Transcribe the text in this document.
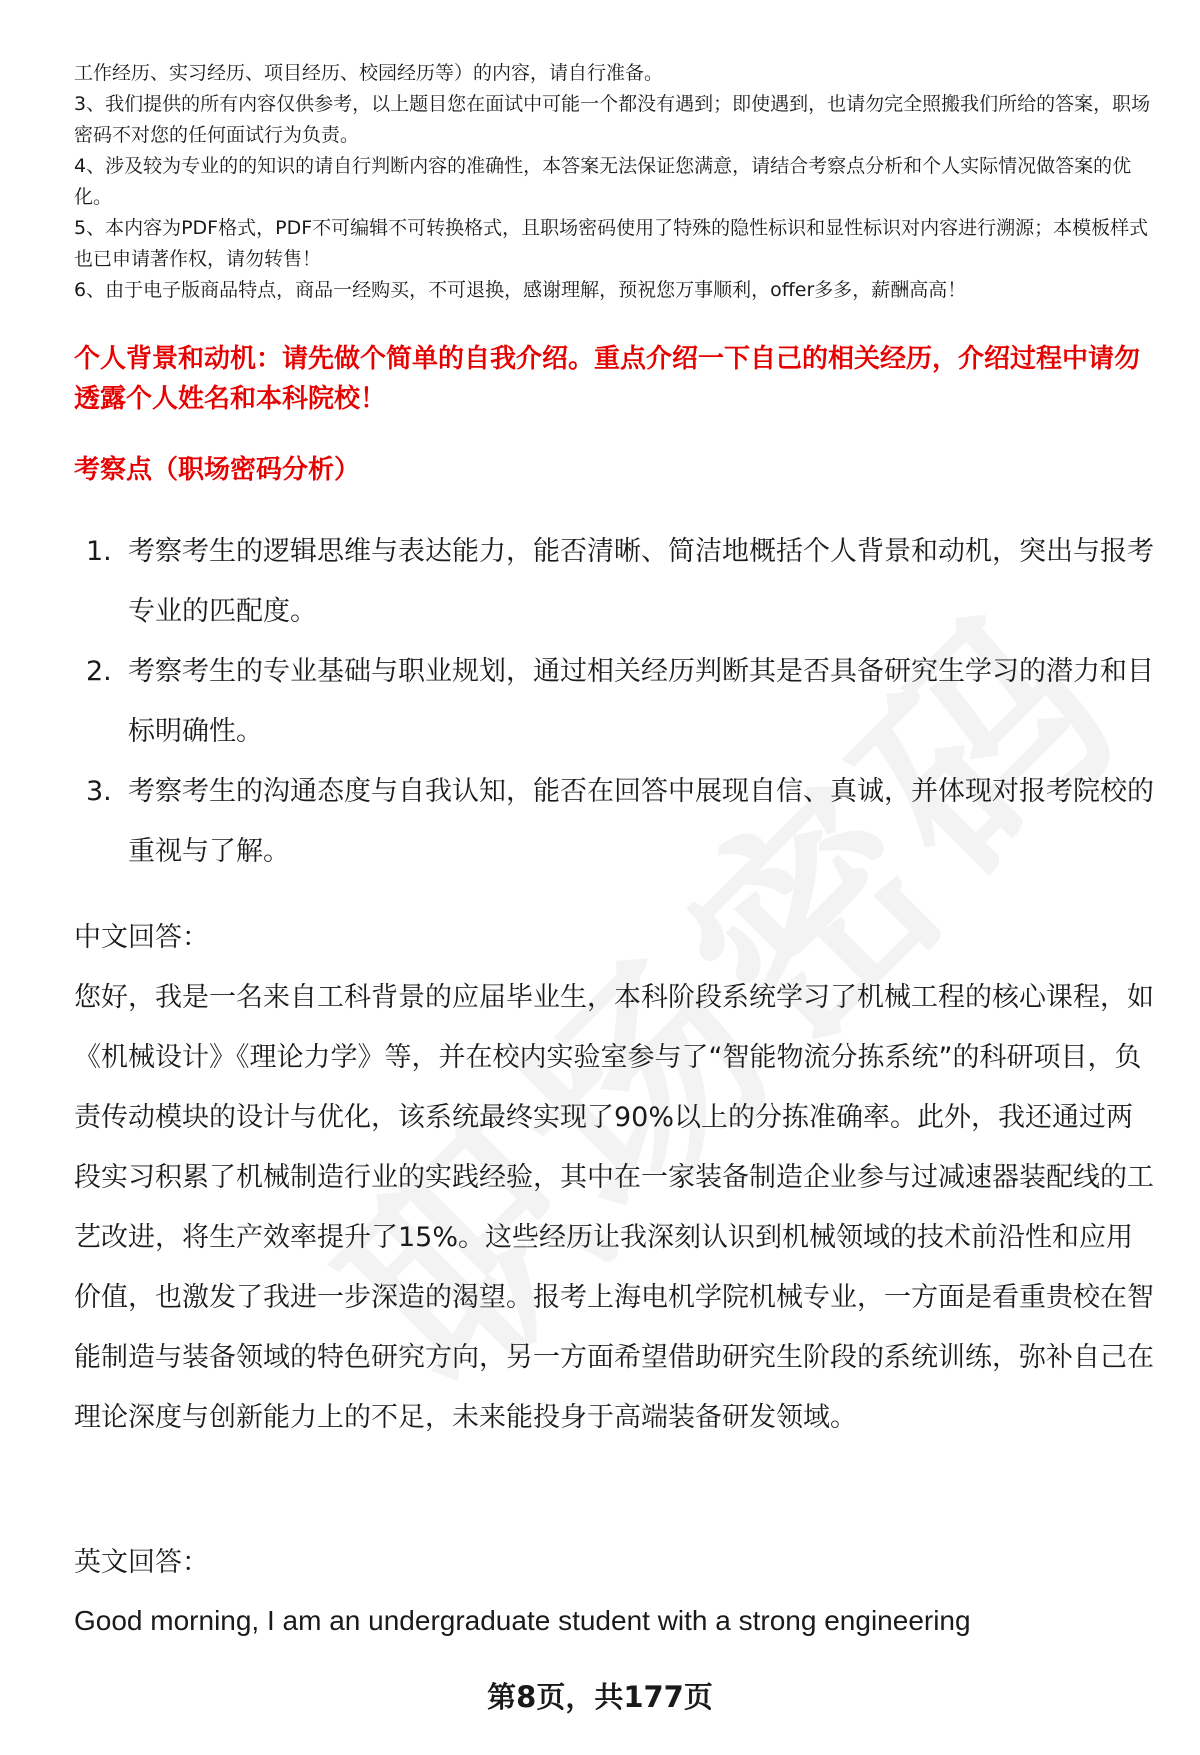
工作经历、实习经历、项目经历、校园经历等）的内容，请自行准备。

3、我们提供的所有内容仅供参考，以上题目您在面试中可能一个都没有遇到；即使遇到，也请勿完全照搬我们所给的答案，职场密码不对您的任何面试行为负责。

4、涉及较为专业的的知识的请自行判断内容的准确性，本答案无法保证您满意，请结合考察点分析和个人实际情况做答案的优化。

5、本内容为PDF格式，PDF不可编辑不可转换格式，且职场密码使用了特殊的隐性标识和显性标识对内容进行溯源；本模板样式也已申请著作权，请勿转售！

6、由于电子版商品特点，商品一经购买，不可退换，感谢理解，预祝您万事顺利，offer多多，薪酬高高！

个人背景和动机：请先做个简单的自我介绍。重点介绍一下自己的相关经历，介绍过程中请勿透露个人姓名和本科院校！

考察点（职场密码分析）

1. 考察考生的逻辑思维与表达能力，能否清晰、简洁地概括个人背景和动机，突出与报考专业的匹配度。
2. 考察考生的专业基础与职业规划，通过相关经历判断其是否具备研究生学习的潜力和目标明确性。
3. 考察考生的沟通态度与自我认知，能否在回答中展现自信、真诚，并体现对报考院校的重视与了解。

中文回答：

您好，我是一名来自工科背景的应届毕业生，本科阶段系统学习了机械工程的核心课程，如《机械设计》《理论力学》等，并在校内实验室参与了“智能物流分拣系统”的科研项目，负责传动模块的设计与优化，该系统最终实现了90%以上的分拣准确率。此外，我还通过两段实习积累了机械制造行业的实践经验，其中在一家装备制造企业参与过减速器装配线的工艺改进，将生产效率提升了15%。这些经历让我深刻认识到机械领域的技术前沿性和应用价值，也激发了我进一步深造的渴望。报考上海电机学院机械专业，一方面是看重贵校在智能制造与装备领域的特色研究方向，另一方面希望借助研究生阶段的系统训练，弥补自己在理论深度与创新能力上的不足，未来能投身于高端装备研发领域。

英文回答：

Good morning, I am an undergraduate student with a strong engineering

第8页，共177页
